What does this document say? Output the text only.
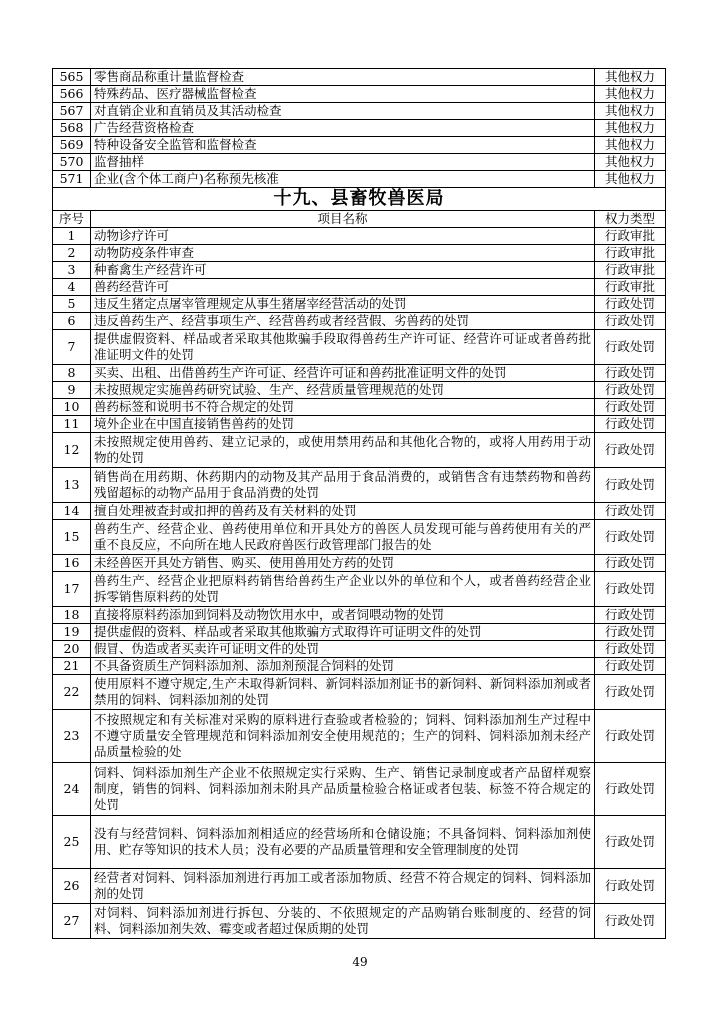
565	零售商品称重计量监督检查	其他权力
566	特殊药品、医疗器械监督检查	其他权力
567	对直销企业和直销员及其活动检查	其他权力
568	广告经营资格检查	其他权力
569	特种设备安全监管和监督检查	其他权力
570	监督抽样	其他权力
571	企业(含个体工商户)名称预先核准	其他权力
十九、县畜牧兽医局		
序号	项目名称	权力类型
1	动物诊疗许可	行政审批
2	动物防疫条件审查	行政审批
3	种畜禽生产经营许可	行政审批
4	兽药经营许可	行政审批
5	违反生猪定点屠宰管理规定从事生猪屠宰经营活动的处罚	行政处罚
6	违反兽药生产、经营事项生产、经营兽药或者经营假、劣兽药的处罚	行政处罚
7	提供虚假资料、样品或者采取其他欺骗手段取得兽药生产许可证、经营许可证或者兽药批准证明文件的处罚	行政处罚
8	买卖、出租、出借兽药生产许可证、经营许可证和兽药批准证明文件的处罚	行政处罚
9	未按照规定实施兽药研究试验、生产、经营质量管理规范的处罚	行政处罚
10	兽药标签和说明书不符合规定的处罚	行政处罚
11	境外企业在中国直接销售兽药的处罚	行政处罚
12	未按照规定使用兽药、建立记录的，或使用禁用药品和其他化合物的，或将人用药用于动物的处罚	行政处罚
13	销售尚在用药期、休药期内的动物及其产品用于食品消费的，或销售含有违禁药物和兽药残留超标的动物产品用于食品消费的处罚	行政处罚
14	擅自处理被查封或扣押的兽药及有关材料的处罚	行政处罚
15	兽药生产、经营企业、兽药使用单位和开具处方的兽医人员发现可能与兽药使用有关的严重不良反应，不向所在地人民政府兽医行政管理部门报告的处	行政处罚
16	未经兽医开具处方销售、购买、使用兽用处方药的处罚	行政处罚
17	兽药生产、经营企业把原料药销售给兽药生产企业以外的单位和个人，或者兽药经营企业拆零销售原料药的处罚	行政处罚
18	直接将原料药添加到饲料及动物饮用水中，或者饲喂动物的处罚	行政处罚
19	提供虚假的资料、样品或者采取其他欺骗方式取得许可证明文件的处罚	行政处罚
20	假冒、伪造或者买卖许可证明文件的处罚	行政处罚
21	不具备资质生产饲料添加剂、添加剂预混合饲料的处罚	行政处罚
22	使用原料不遵守规定,生产未取得新饲料、新饲料添加剂证书的新饲料、新饲料添加剂或者禁用的饲料、饲料添加剂的处罚	行政处罚
23	不按照规定和有关标准对采购的原料进行查验或者检验的；饲料、饲料添加剂生产过程中不遵守质量安全管理规范和饲料添加剂安全使用规范的；生产的饲料、饲料添加剂未经产品质量检验的处	行政处罚
24	饲料、饲料添加剂生产企业不依照规定实行采购、生产、销售记录制度或者产品留样观察制度，销售的饲料、饲料添加剂未附具产品质量检验合格证或者包装、标签不符合规定的处罚	行政处罚
25	没有与经营饲料、饲料添加剂相适应的经营场所和仓储设施；不具备饲料、饲料添加剂使用、贮存等知识的技术人员；没有必要的产品质量管理和安全管理制度的处罚	行政处罚
26	经营者对饲料、饲料添加剂进行再加工或者添加物质、经营不符合规定的饲料、饲料添加剂的处罚	行政处罚
27	对饲料、饲料添加剂进行拆包、分装的、不依照规定的产品购销台账制度的、经营的饲料、饲料添加剂失效、霉变或者超过保质期的处罚	行政处罚
49
